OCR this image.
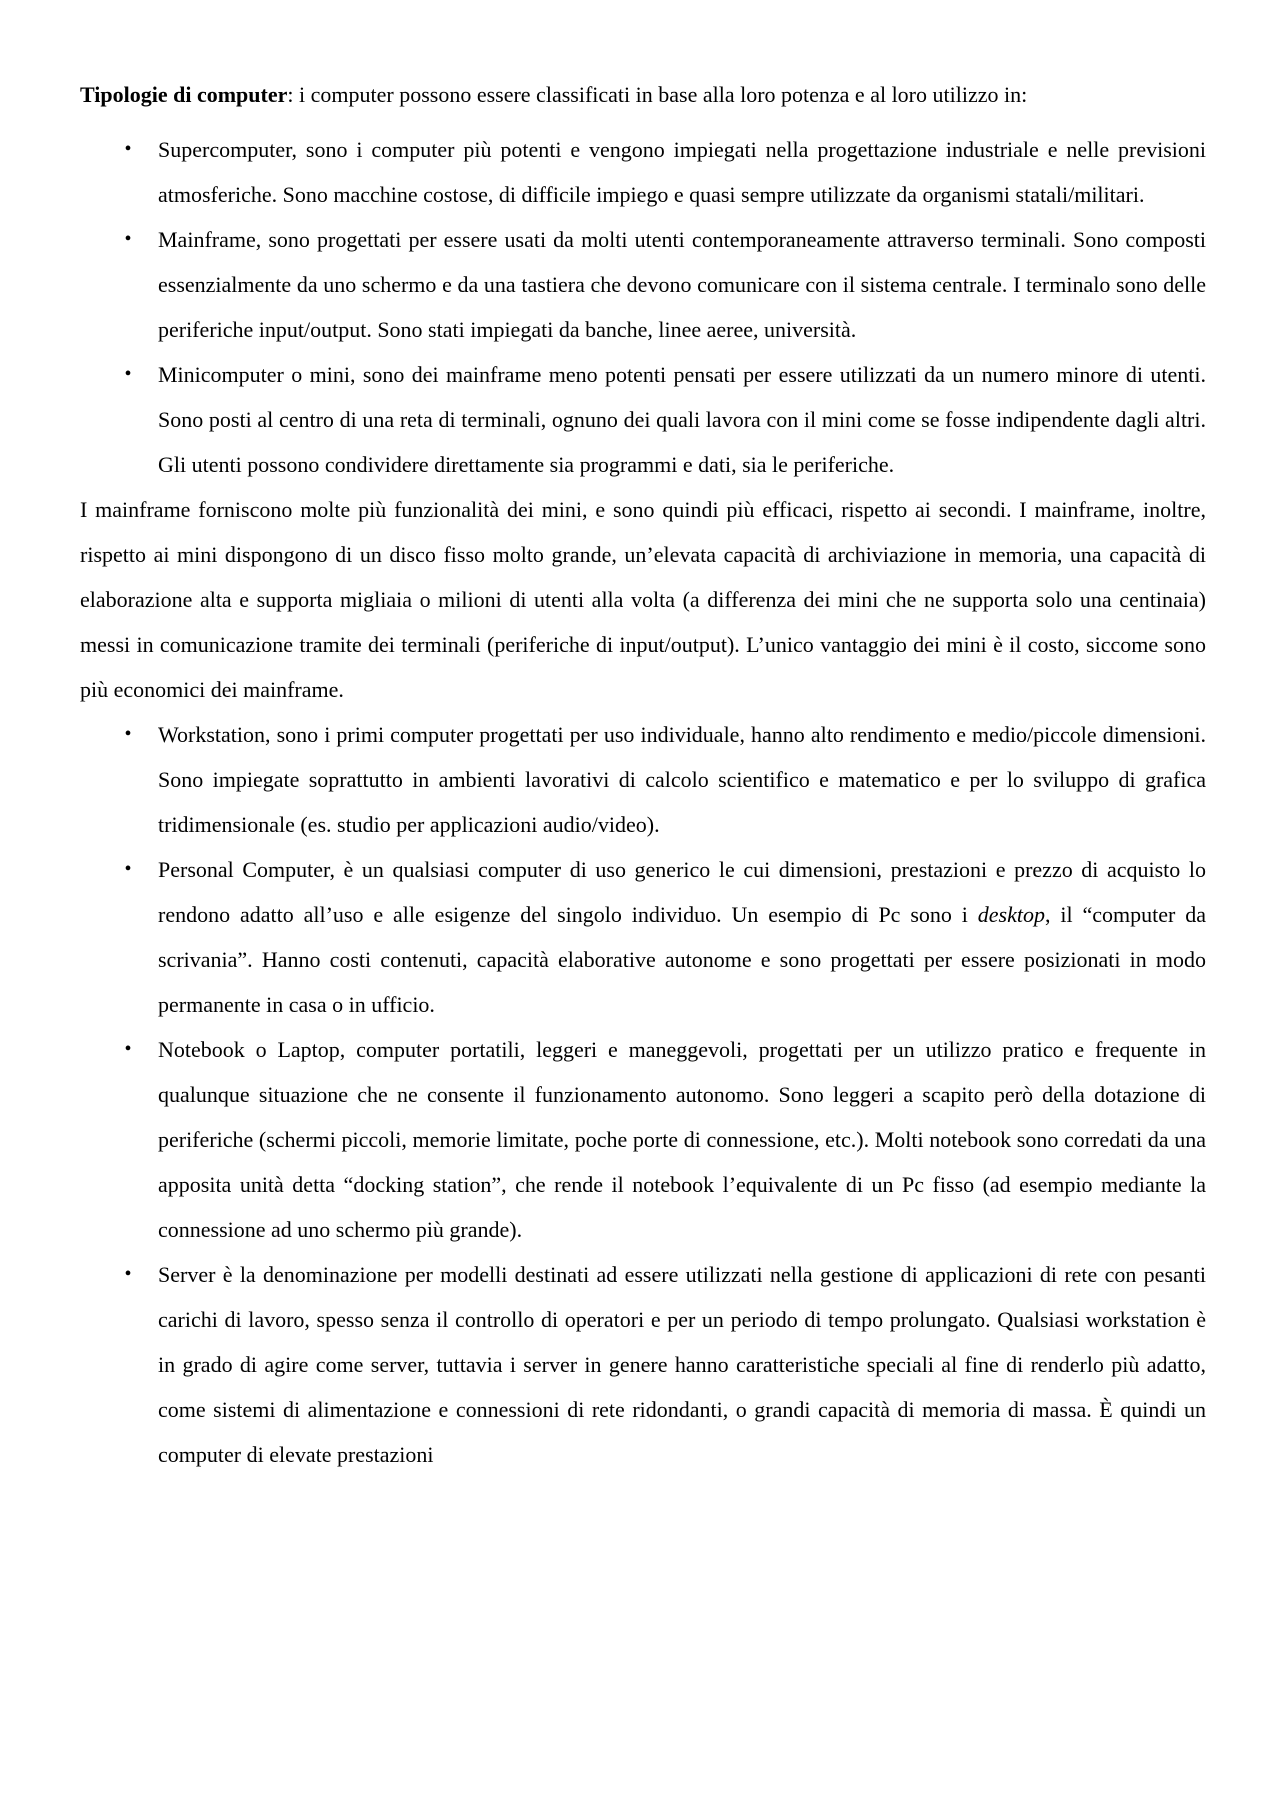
Tipologie di computer: i computer possono essere classificati in base alla loro potenza e al loro utilizzo in:

• Supercomputer, sono i computer più potenti e vengono impiegati nella progettazione industriale e nelle previsioni atmosferiche. Sono macchine costose, di difficile impiego e quasi sempre utilizzate da organismi statali/militari.
• Mainframe, sono progettati per essere usati da molti utenti contemporaneamente attraverso terminali. Sono composti essenzialmente da uno schermo e da una tastiera che devono comunicare con il sistema centrale. I terminalo sono delle periferiche input/output. Sono stati impiegati da banche, linee aeree, università.
• Minicomputer o mini, sono dei mainframe meno potenti pensati per essere utilizzati da un numero minore di utenti. Sono posti al centro di una reta di terminali, ognuno dei quali lavora con il mini come se fosse indipendente dagli altri. Gli utenti possono condividere direttamente sia programmi e dati, sia le periferiche.

I mainframe forniscono molte più funzionalità dei mini, e sono quindi più efficaci, rispetto ai secondi. I mainframe, inoltre, rispetto ai mini dispongono di un disco fisso molto grande, un’elevata capacità di archiviazione in memoria, una capacità di elaborazione alta e supporta migliaia o milioni di utenti alla volta (a differenza dei mini che ne supporta solo una centinaia) messi in comunicazione tramite dei terminali (periferiche di input/output). L’unico vantaggio dei mini è il costo, siccome sono più economici dei mainframe.

• Workstation, sono i primi computer progettati per uso individuale, hanno alto rendimento e medio/piccole dimensioni. Sono impiegate soprattutto in ambienti lavorativi di calcolo scientifico e matematico e per lo sviluppo di grafica tridimensionale (es. studio per applicazioni audio/video).
• Personal Computer, è un qualsiasi computer di uso generico le cui dimensioni, prestazioni e prezzo di acquisto lo rendono adatto all’uso e alle esigenze del singolo individuo. Un esempio di Pc sono i desktop, il “computer da scrivania”. Hanno costi contenuti, capacità elaborative autonome e sono progettati per essere posizionati in modo permanente in casa o in ufficio.
• Notebook o Laptop, computer portatili, leggeri e maneggevoli, progettati per un utilizzo pratico e frequente in qualunque situazione che ne consente il funzionamento autonomo. Sono leggeri a scapito però della dotazione di periferiche (schermi piccoli, memorie limitate, poche porte di connessione, etc.). Molti notebook sono corredati da una apposita unità detta “docking station”, che rende il notebook l’equivalente di un Pc fisso (ad esempio mediante la connessione ad uno schermo più grande).
• Server è la denominazione per modelli destinati ad essere utilizzati nella gestione di applicazioni di rete con pesanti carichi di lavoro, spesso senza il controllo di operatori e per un periodo di tempo prolungato. Qualsiasi workstation è in grado di agire come server, tuttavia i server in genere hanno caratteristiche speciali al fine di renderlo più adatto, come sistemi di alimentazione e connessioni di rete ridondanti, o grandi capacità di memoria di massa. È quindi un computer di elevate prestazioni
